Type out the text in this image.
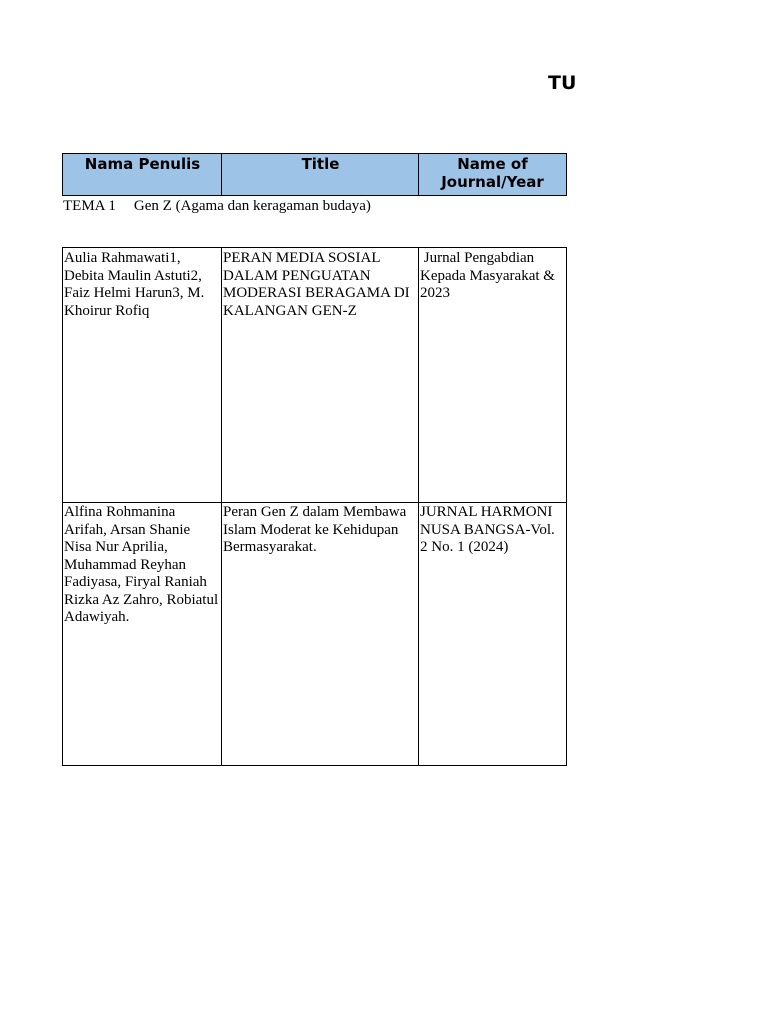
TU
Nama Penulis	Title	Name of Journal/Year
TEMA 1 Gen Z (Agama dan keragaman budaya)
Aulia Rahmawati1, Debita Maulin Astuti2, Faiz Helmi Harun3, M. Khoirur Rofiq
PERAN MEDIA SOSIAL DALAM PENGUATAN MODERASI BERAGAMA DI KALANGAN GEN-Z
Jurnal Pengabdian Kepada Masyarakat & 2023
Alfina Rohmanina Arifah, Arsan Shanie Nisa Nur Aprilia, Muhammad Reyhan Fadiyasa, Firyal Raniah Rizka Az Zahro, Robiatul Adawiyah.
Peran Gen Z dalam Membawa Islam Moderat ke Kehidupan Bermasyarakat.
JURNAL HARMONI NUSA BANGSA-Vol. 2 No. 1 (2024)
